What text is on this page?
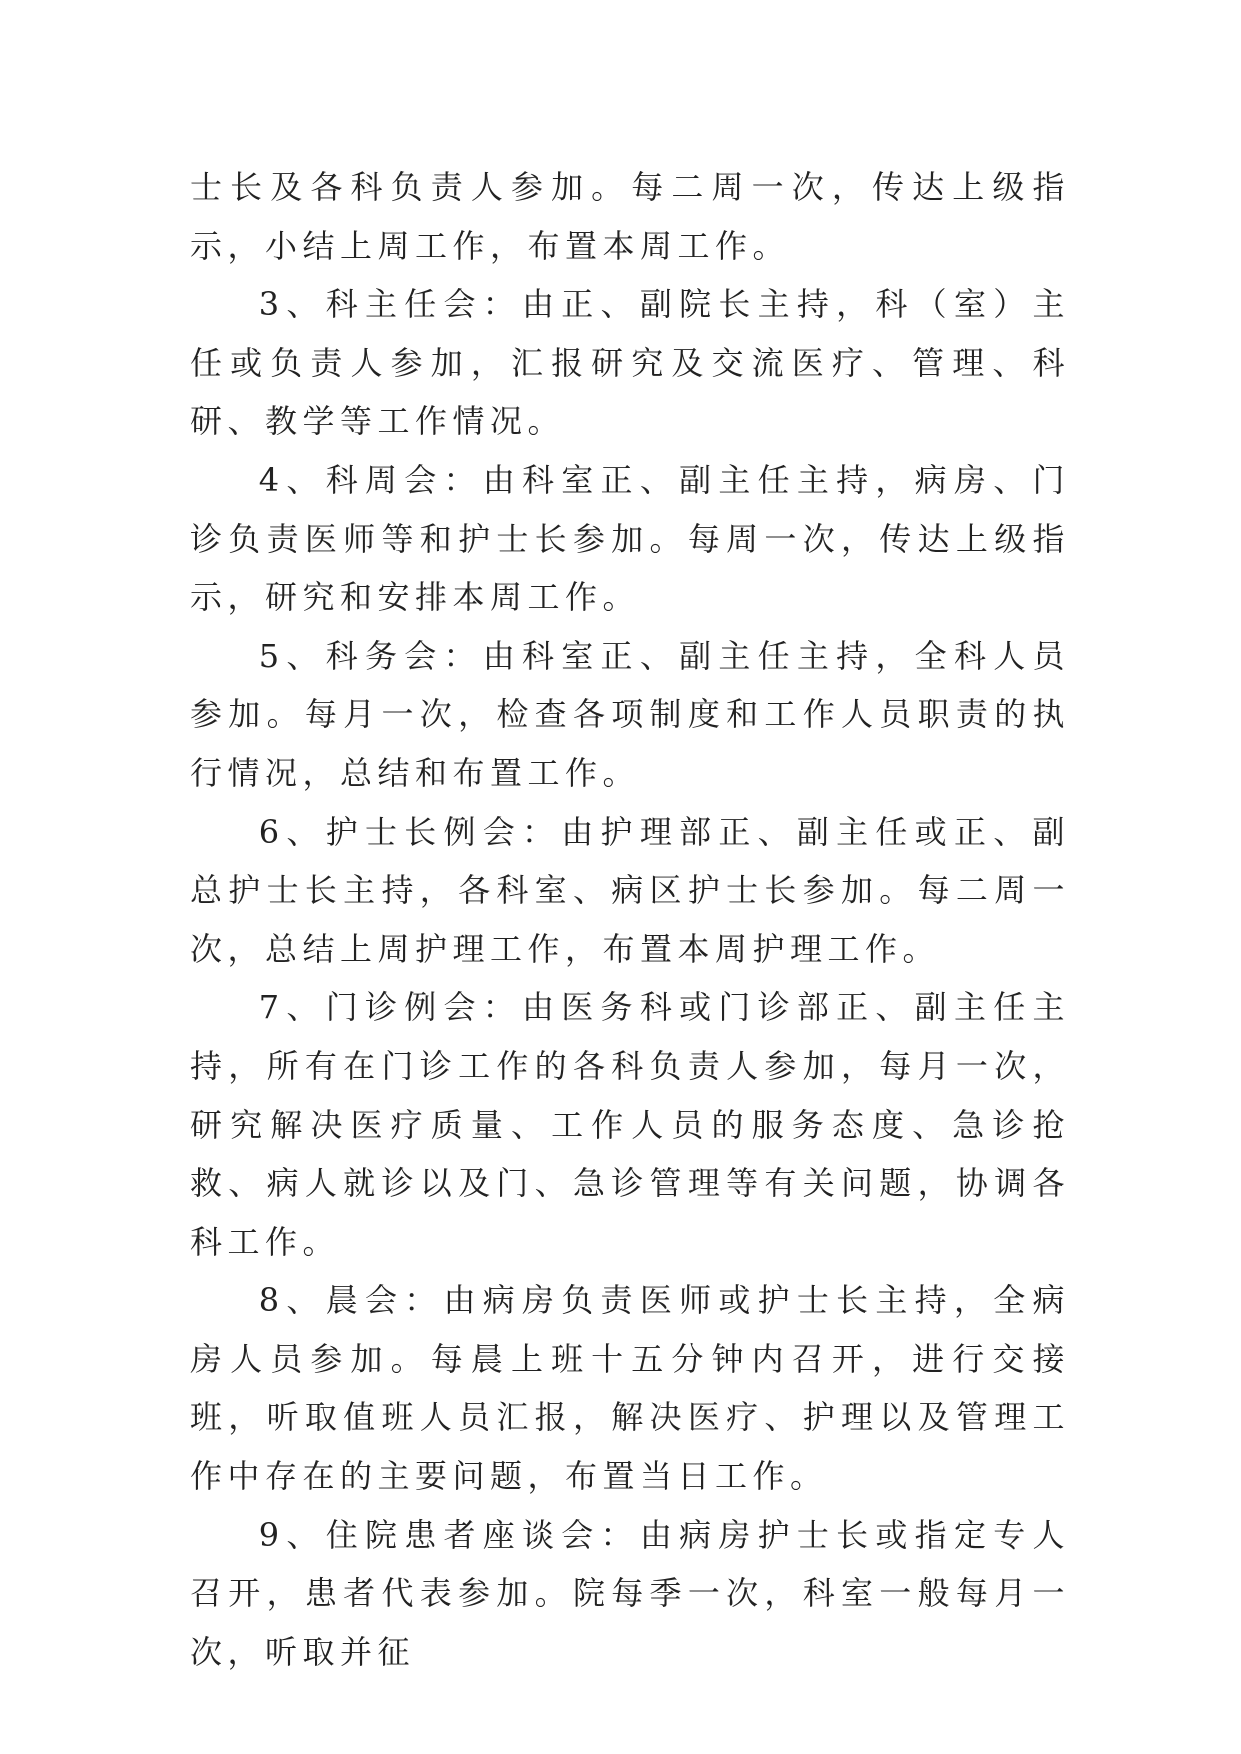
士长及各科负责人参加。每二周一次，传达上级指示，小结上周工作，布置本周工作。

3、科主任会：由正、副院长主持，科（室）主任或负责人参加，汇报研究及交流医疗、管理、科研、教学等工作情况。

4、科周会：由科室正、副主任主持，病房、门诊负责医师等和护士长参加。每周一次，传达上级指示，研究和安排本周工作。

5、科务会：由科室正、副主任主持，全科人员参加。每月一次，检查各项制度和工作人员职责的执行情况，总结和布置工作。

6、护士长例会：由护理部正、副主任或正、副总护士长主持，各科室、病区护士长参加。每二周一次，总结上周护理工作，布置本周护理工作。

7、门诊例会：由医务科或门诊部正、副主任主持，所有在门诊工作的各科负责人参加，每月一次，研究解决医疗质量、工作人员的服务态度、急诊抢救、病人就诊以及门、急诊管理等有关问题，协调各科工作。

8、晨会：由病房负责医师或护士长主持，全病房人员参加。每晨上班十五分钟内召开，进行交接班，听取值班人员汇报，解决医疗、护理以及管理工作中存在的主要问题，布置当日工作。

9、住院患者座谈会：由病房护士长或指定专人召开，患者代表参加。院每季一次，科室一般每月一次，听取并征
